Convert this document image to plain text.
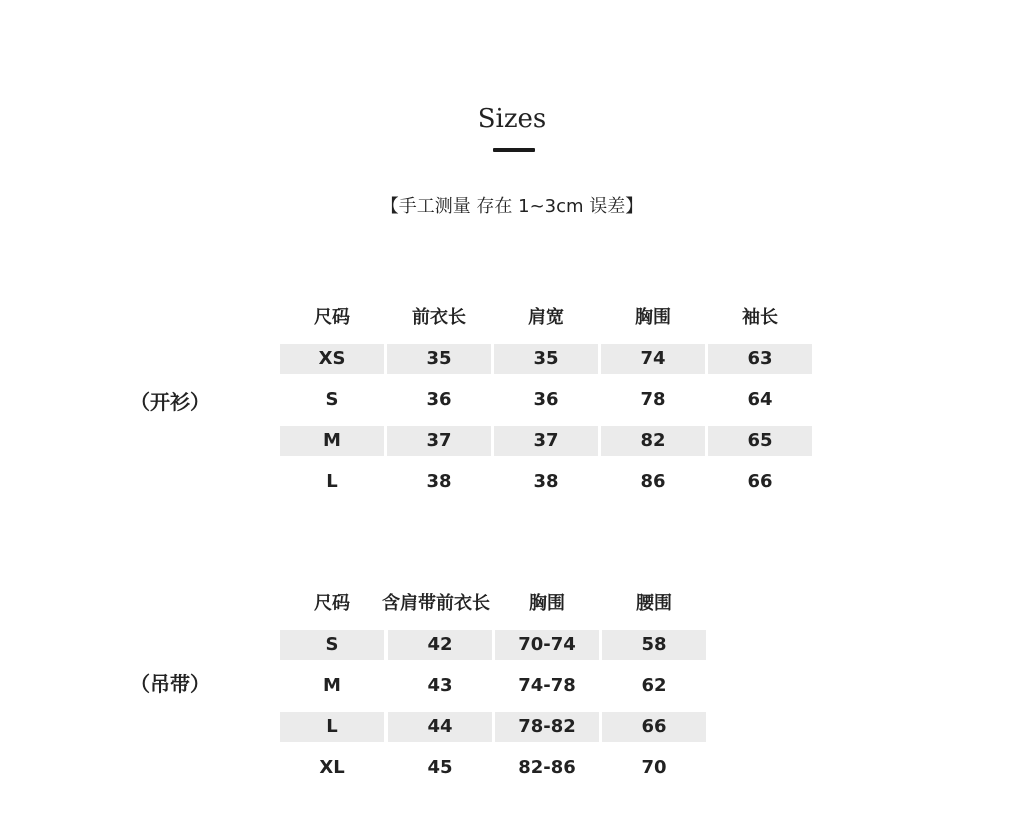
Sizes
【手工测量 存在 1~3cm 误差】
（开衫）
尺码	前衣长	肩宽	胸围	袖长
XS	35	35	74	63
S	36	36	78	64
M	37	37	82	65
L	38	38	86	66
（吊带）
尺码	含肩带前衣长	胸围	腰围
S	42	70-74	58
M	43	74-78	62
L	44	78-82	66
XL	45	82-86	70
